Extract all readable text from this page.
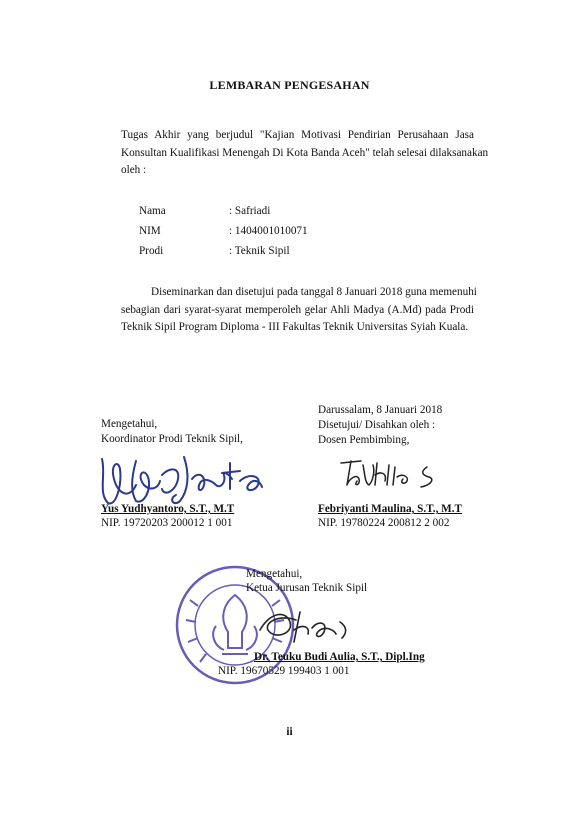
LEMBARAN PENGESAHAN
Tugas Akhir yang berjudul "Kajian Motivasi Pendirian Perusahaan Jasa
Konsultan Kualifikasi Menengah Di Kota Banda Aceh" telah selesai dilaksanakan
oleh :
Nama	: Safriadi
NIM	: 1404001010071
Prodi	: Teknik Sipil
Diseminarkan dan disetujui pada tanggal 8 Januari 2018 guna memenuhi
sebagian dari syarat-syarat memperoleh gelar Ahli Madya (A.Md) pada Prodi
Teknik Sipil Program Diploma - III Fakultas Teknik Universitas Syiah Kuala.
Mengetahui,
Koordinator Prodi Teknik Sipil,
Yus Yudhyantoro, S.T., M.T
NIP. 19720203 200012 1 001
Darussalam, 8 Januari 2018
Disetujui/ Disahkan oleh :
Dosen Pembimbing,
Febriyanti Maulina, S.T., M.T
NIP. 19780224 200812 2 002
Mengetahui,
Ketua Jurusan Teknik Sipil
Dr. Teuku Budi Aulia, S.T., Dipl.Ing
NIP. 19670529 199403 1 001
ii
